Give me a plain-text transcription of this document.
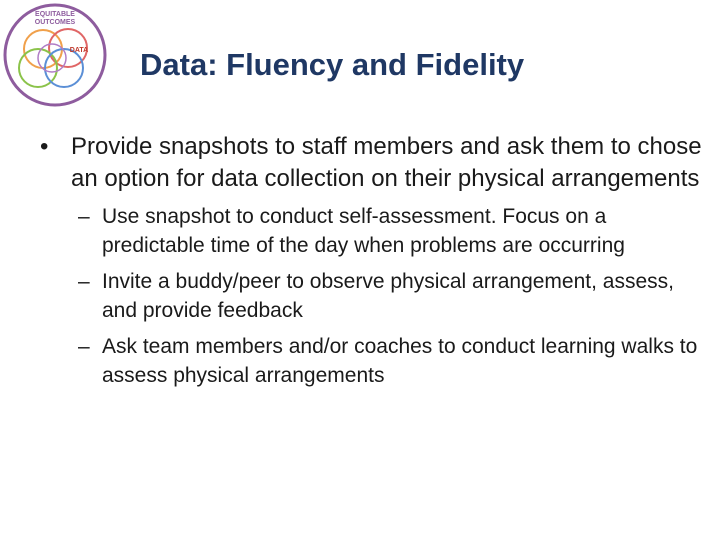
EQUITABLE
OUTCOMES
DATA Data: Fluency and Fidelity
• Provide snapshots to staff members and ask them to chose an option for data collection on their physical arrangements
– Use snapshot to conduct self-assessment. Focus on a predictable time of the day when problems are occurring
– Invite a buddy/peer to observe physical arrangement, assess, and provide feedback
– Ask team members and/or coaches to conduct learning walks to assess physical arrangements
